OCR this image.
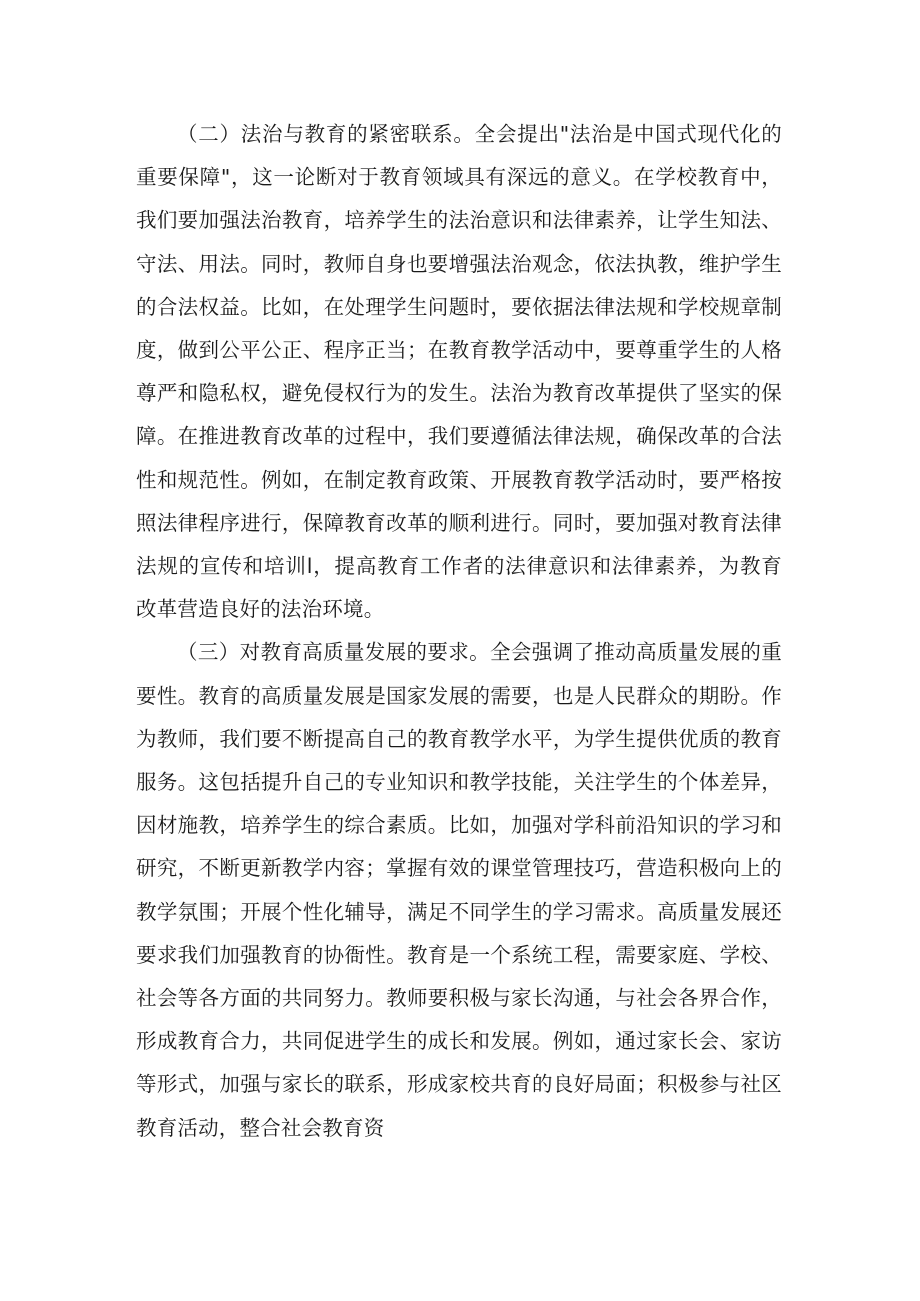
（二）法治与教育的紧密联系。全会提出"法治是中国式现代化的重要保障"，这一论断对于教育领域具有深远的意义。在学校教育中，我们要加强法治教育，培养学生的法治意识和法律素养，让学生知法、守法、用法。同时，教师自身也要增强法治观念，依法执教，维护学生的合法权益。比如，在处理学生问题时，要依据法律法规和学校规章制度，做到公平公正、程序正当；在教育教学活动中，要尊重学生的人格尊严和隐私权，避免侵权行为的发生。法治为教育改革提供了坚实的保障。在推进教育改革的过程中，我们要遵循法律法规，确保改革的合法性和规范性。例如，在制定教育政策、开展教育教学活动时，要严格按照法律程序进行，保障教育改革的顺利进行。同时，要加强对教育法律法规的宣传和培训l，提高教育工作者的法律意识和法律素养，为教育改革营造良好的法治环境。

（三）对教育高质量发展的要求。全会强调了推动高质量发展的重要性。教育的高质量发展是国家发展的需要，也是人民群众的期盼。作为教师，我们要不断提高自己的教育教学水平，为学生提供优质的教育服务。这包括提升自己的专业知识和教学技能，关注学生的个体差异，因材施教，培养学生的综合素质。比如，加强对学科前沿知识的学习和研究，不断更新教学内容；掌握有效的课堂管理技巧，营造积极向上的教学氛围；开展个性化辅导，满足不同学生的学习需求。高质量发展还要求我们加强教育的协衙性。教育是一个系统工程，需要家庭、学校、社会等各方面的共同努力。教师要积极与家长沟通，与社会各界合作，形成教育合力，共同促进学生的成长和发展。例如，通过家长会、家访等形式，加强与家长的联系，形成家校共育的良好局面；积极参与社区教育活动，整合社会教育资
